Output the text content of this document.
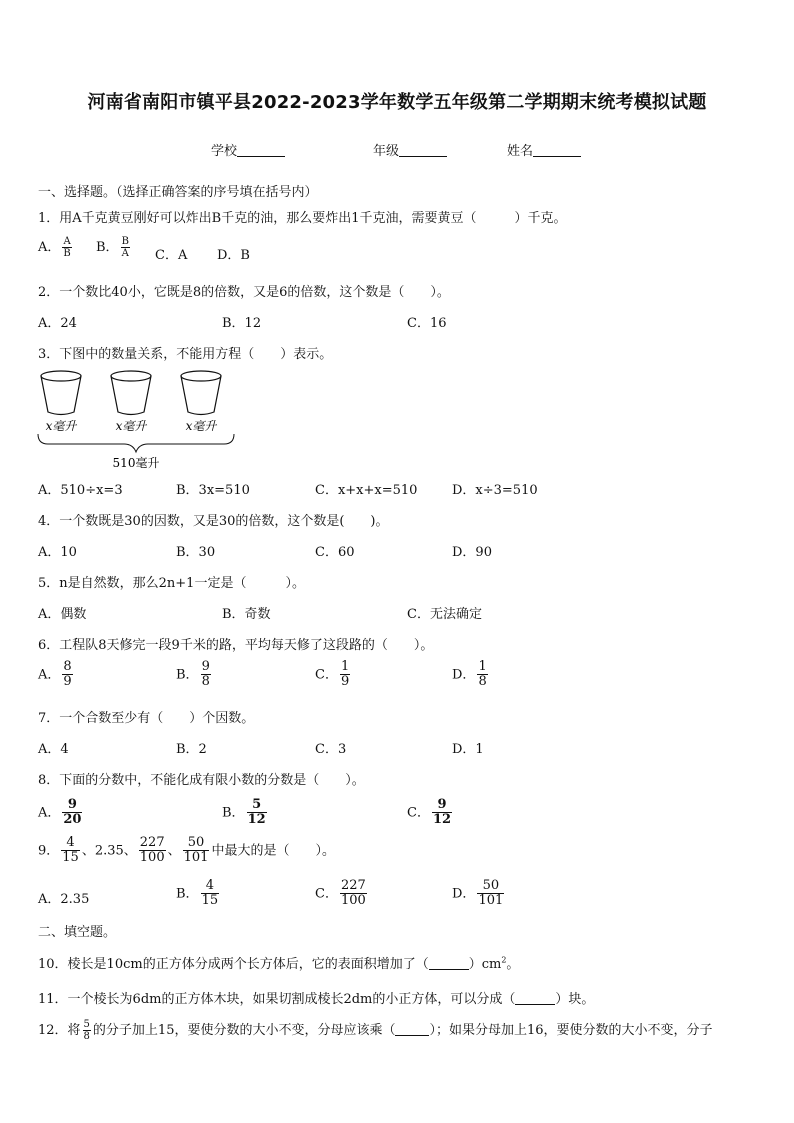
河南省南阳市镇平县2022-2023学年数学五年级第二学期期末统考模拟试题
学校	年级	姓名
一、选择题。（选择正确答案的序号填在括号内）
1．用A千克黄豆刚好可以炸出B千克的油，那么要炸出1千克油，需要黄豆（	）千克。
A． $\frac{A}{B}$ B． $\frac{B}{A}$ C．A D．B
2．一个数比40小，它既是8的倍数，又是6的倍数，这个数是（　　）。
A．24	B．12	C．16
3．下图中的数量关系，不能用方程（　　）表示。
x毫升	x毫升	x毫升
510毫升
A．510÷x=3	B．3x=510	C．x+x+x=510	D．x÷3=510
4．一个数既是30的因数，又是30的倍数，这个数是(　　)。
A．10	B．30	C．60	D．90
5．n是自然数，那么2n+1一定是（　　　）。
A．偶数	B．奇数	C．无法确定
6．工程队8天修完一段9千米的路，平均每天修了这段路的（　　）。
A． $\frac{8}{9}$	B． $\frac{9}{8}$	C． $\frac{1}{9}$	D． $\frac{1}{8}$
7．一个合数至少有（　　）个因数。
A．4	B．2	C．3	D．1
8．下面的分数中，不能化成有限小数的分数是（　　）。
A． $\frac{9}{20}$	B． $\frac{5}{12}$	C． $\frac{9}{12}$
9． $\frac{4}{15}$ 、2.35、 $\frac{227}{100}$ 、 $\frac{50}{101}$ 中最大的是（　　）。
A．2.35	B． $\frac{4}{15}$	C． $\frac{227}{100}$	D． $\frac{50}{101}$
二、填空题。
10．棱长是10cm的正方体分成两个长方体后，它的表面积增加了（	）$cm^2$。
11．一个棱长为6dm的正方体木块，如果切割成棱长2dm的小正方体，可以分成（	）块。
12．将 $\frac{5}{8}$ 的分子加上15，要使分数的大小不变，分母应该乘（	）；如果分母加上16，要使分数的大小不变，分子
